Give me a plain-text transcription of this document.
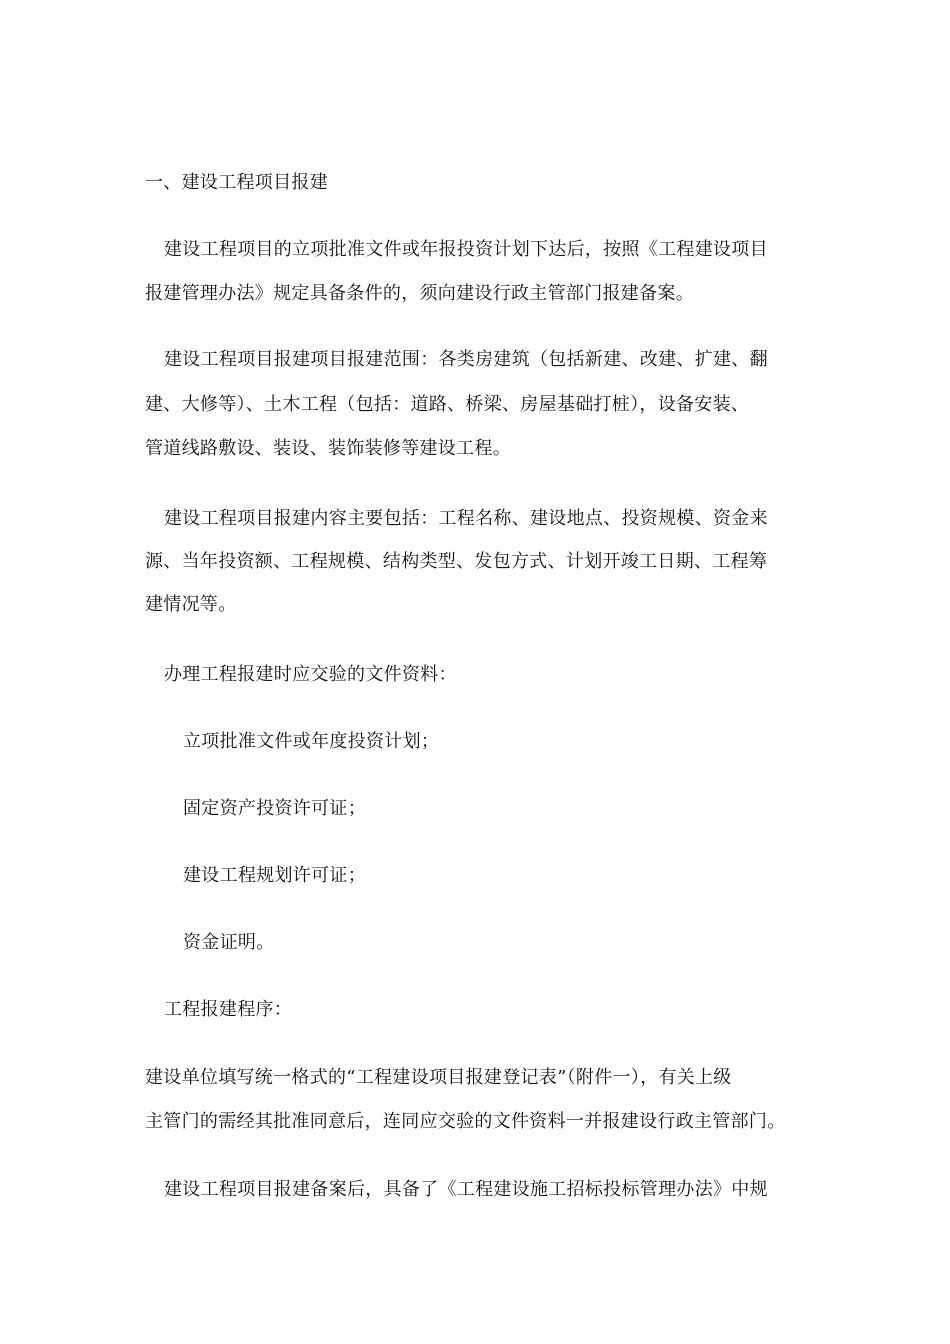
一、建设工程项目报建
建设工程项目的立项批准文件或年报投资计划下达后，按照《工程建设项目
报建管理办法》规定具备条件的，须向建设行政主管部门报建备案。
建设工程项目报建项目报建范围：各类房建筑（包括新建、改建、扩建、翻
建、大修等）、土木工程（包括：道路、桥梁、房屋基础打桩），设备安装、
管道线路敷设、装设、装饰装修等建设工程。
建设工程项目报建内容主要包括：工程名称、建设地点、投资规模、资金来
源、当年投资额、工程规模、结构类型、发包方式、计划开竣工日期、工程筹
建情况等。
办理工程报建时应交验的文件资料：
立项批准文件或年度投资计划；
固定资产投资许可证；
建设工程规划许可证；
资金证明。
工程报建程序：
建设单位填写统一格式的“工程建设项目报建登记表”（附件一），有关上级
主管门的需经其批准同意后，连同应交验的文件资料一并报建设行政主管部门。
建设工程项目报建备案后，具备了《工程建设施工招标投标管理办法》中规
